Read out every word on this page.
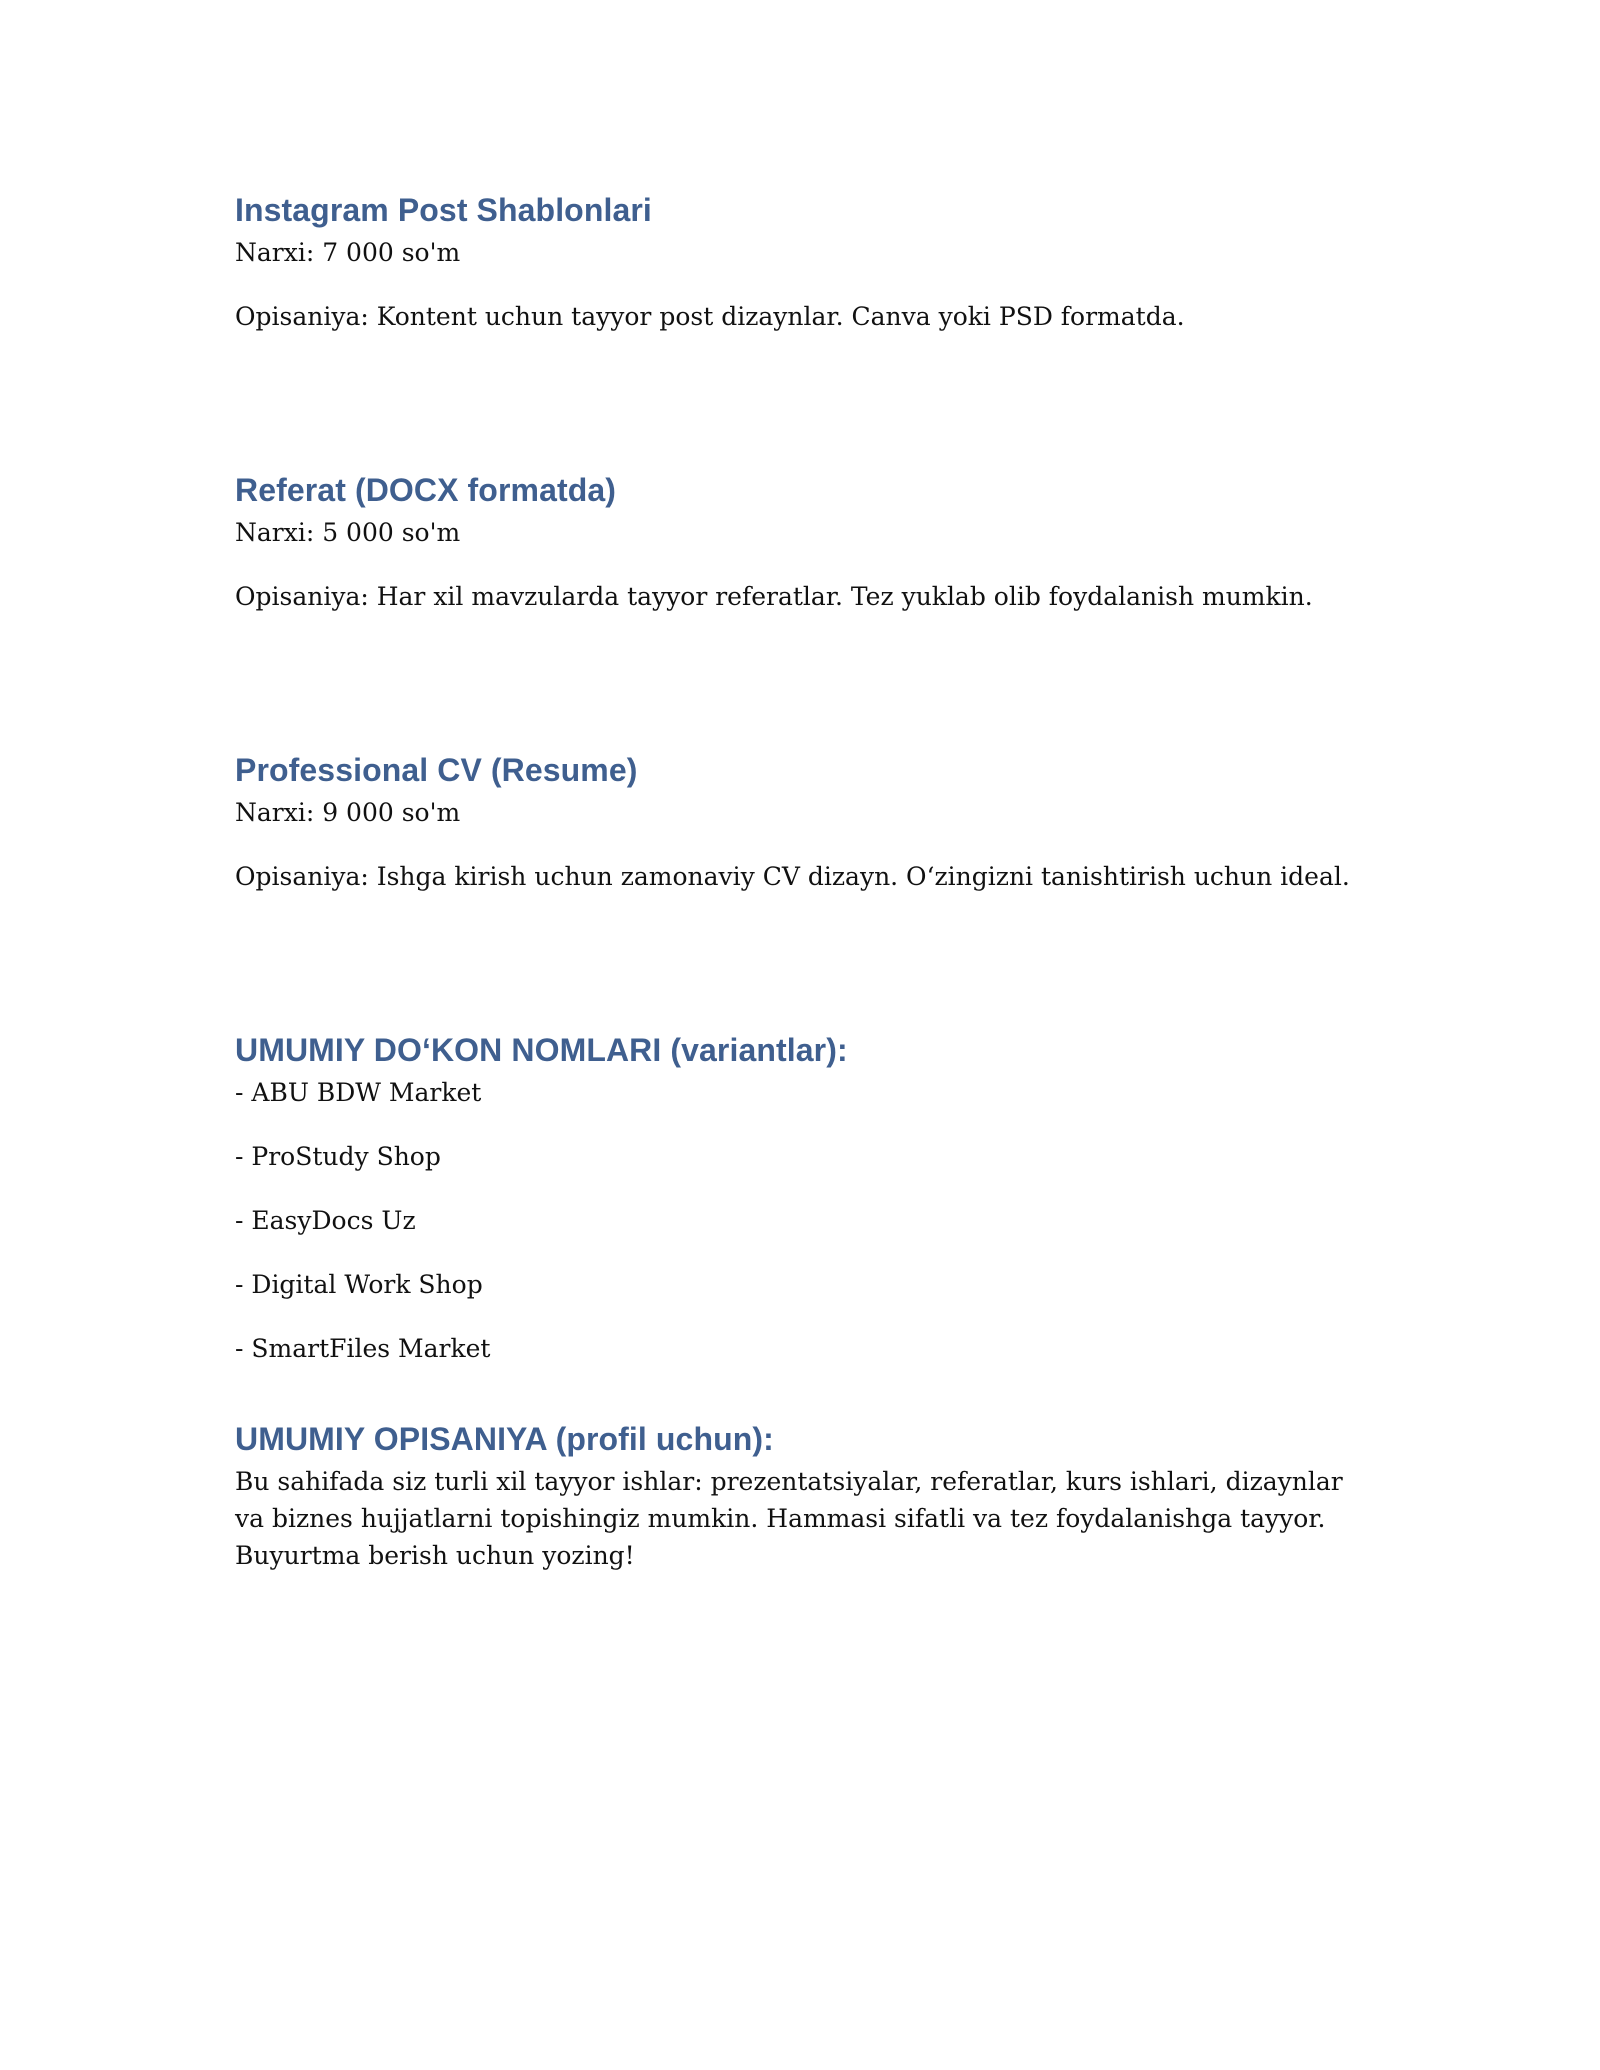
Instagram Post Shablonlari

Narxi: 7 000 so'm

Opisaniya: Kontent uchun tayyor post dizaynlar. Canva yoki PSD formatda.

Referat (DOCX formatda)

Narxi: 5 000 so'm

Opisaniya: Har xil mavzularda tayyor referatlar. Tez yuklab olib foydalanish mumkin.

Professional CV (Resume)

Narxi: 9 000 so'm

Opisaniya: Ishga kirish uchun zamonaviy CV dizayn. O‘zingizni tanishtirish uchun ideal.

UMUMIY DO‘KON NOMLARI (variantlar):

- ABU BDW Market

- ProStudy Shop

- EasyDocs Uz

- Digital Work Shop

- SmartFiles Market

UMUMIY OPISANIYA (profil uchun):

Bu sahifada siz turli xil tayyor ishlar: prezentatsiyalar, referatlar, kurs ishlari, dizaynlar va biznes hujjatlarni topishingiz mumkin. Hammasi sifatli va tez foydalanishga tayyor. Buyurtma berish uchun yozing!
